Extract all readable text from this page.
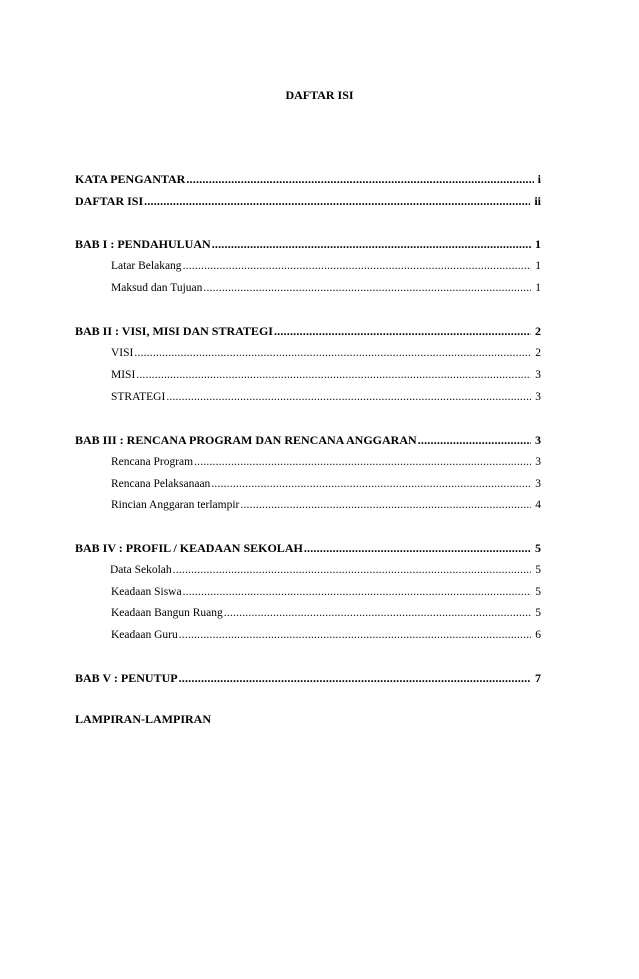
DAFTAR ISI
KATA PENGANTAR .....	i
DAFTAR ISI .....	ii
BAB I : PENDAHULUAN .....	1
Latar Belakang .....	1
Maksud dan Tujuan .....	1
BAB II : VISI, MISI DAN STRATEGI .....	2
VISI .....	2
MISI .....	3
STRATEGI .....	3
BAB III : RENCANA PROGRAM DAN RENCANA ANGGARAN .....	3
Rencana Program .....	3
Rencana Pelaksanaan .....	3
Rincian Anggaran terlampir .....	4
BAB IV : PROFIL / KEADAAN SEKOLAH .....	5
Data Sekolah .....	5
Keadaan Siswa .....	5
Keadaan Bangun Ruang .....	5
Keadaan Guru .....	6
BAB V : PENUTUP .....	7
LAMPIRAN-LAMPIRAN
